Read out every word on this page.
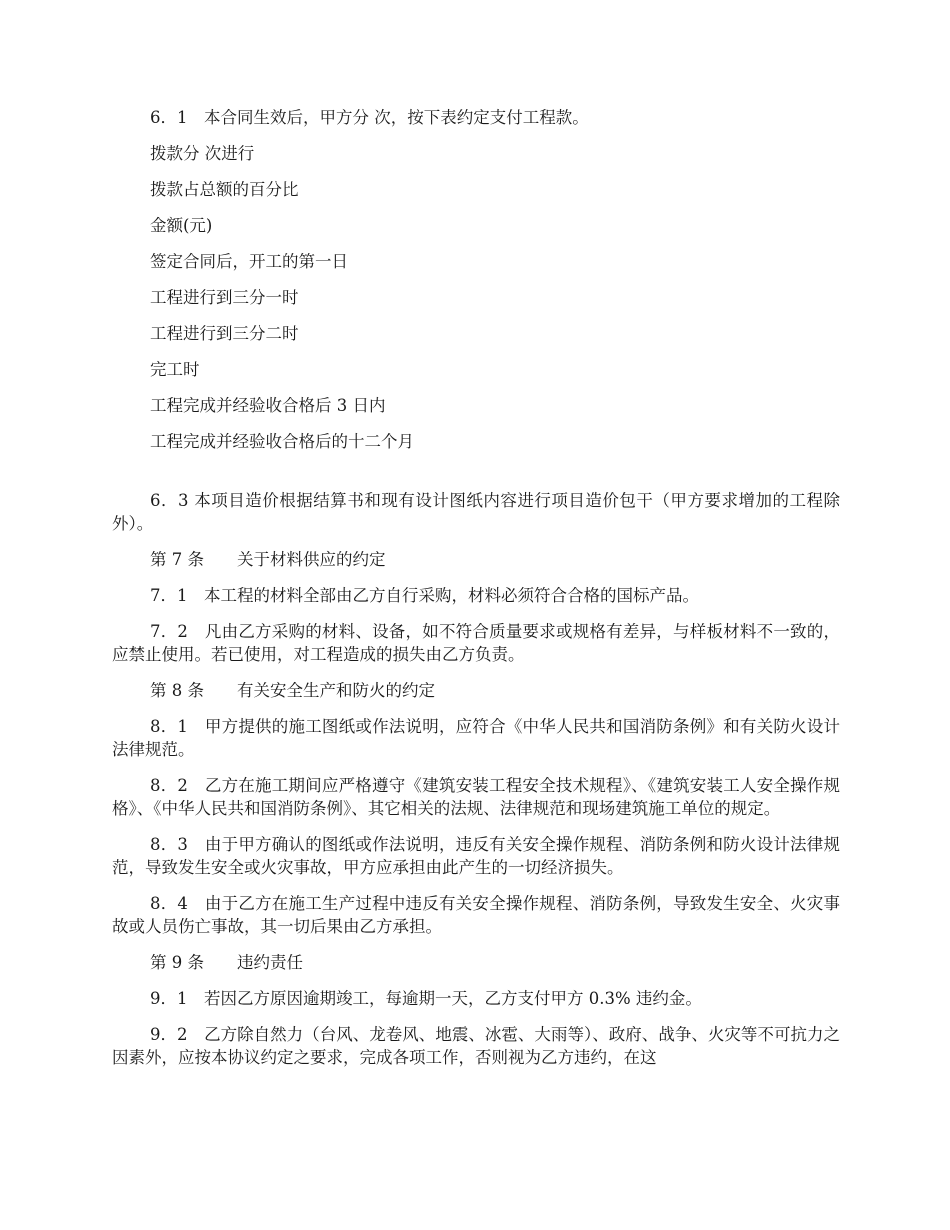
6．1　本合同生效后，甲方分 次，按下表约定支付工程款。

拨款分 次进行

拨款占总额的百分比

金额(元)

签定合同后，开工的第一日

工程进行到三分一时

工程进行到三分二时

完工时

工程完成并经验收合格后 3 日内

工程完成并经验收合格后的十二个月

6．3 本项目造价根据结算书和现有设计图纸内容进行项目造价包干（甲方要求增加的工程除外）。

第 7 条　　关于材料供应的约定

7．1　本工程的材料全部由乙方自行采购，材料必须符合合格的国标产品。

7．2　凡由乙方采购的材料、设备，如不符合质量要求或规格有差异，与样板材料不一致的，应禁止使用。若已使用，对工程造成的损失由乙方负责。

第 8 条　　有关安全生产和防火的约定

8．1　甲方提供的施工图纸或作法说明，应符合《中华人民共和国消防条例》和有关防火设计法律规范。

8．2　乙方在施工期间应严格遵守《建筑安装工程安全技术规程》、《建筑安装工人安全操作规格》、《中华人民共和国消防条例》、其它相关的法规、法律规范和现场建筑施工单位的规定。

8．3　由于甲方确认的图纸或作法说明，违反有关安全操作规程、消防条例和防火设计法律规范，导致发生安全或火灾事故，甲方应承担由此产生的一切经济损失。

8．4　由于乙方在施工生产过程中违反有关安全操作规程、消防条例，导致发生安全、火灾事故或人员伤亡事故，其一切后果由乙方承担。

第 9 条　　违约责任

9．1　若因乙方原因逾期竣工，每逾期一天，乙方支付甲方 0.3% 违约金。

9．2　乙方除自然力（台风、龙卷风、地震、冰雹、大雨等）、政府、战争、火灾等不可抗力之因素外，应按本协议约定之要求，完成各项工作，否则视为乙方违约，在这
